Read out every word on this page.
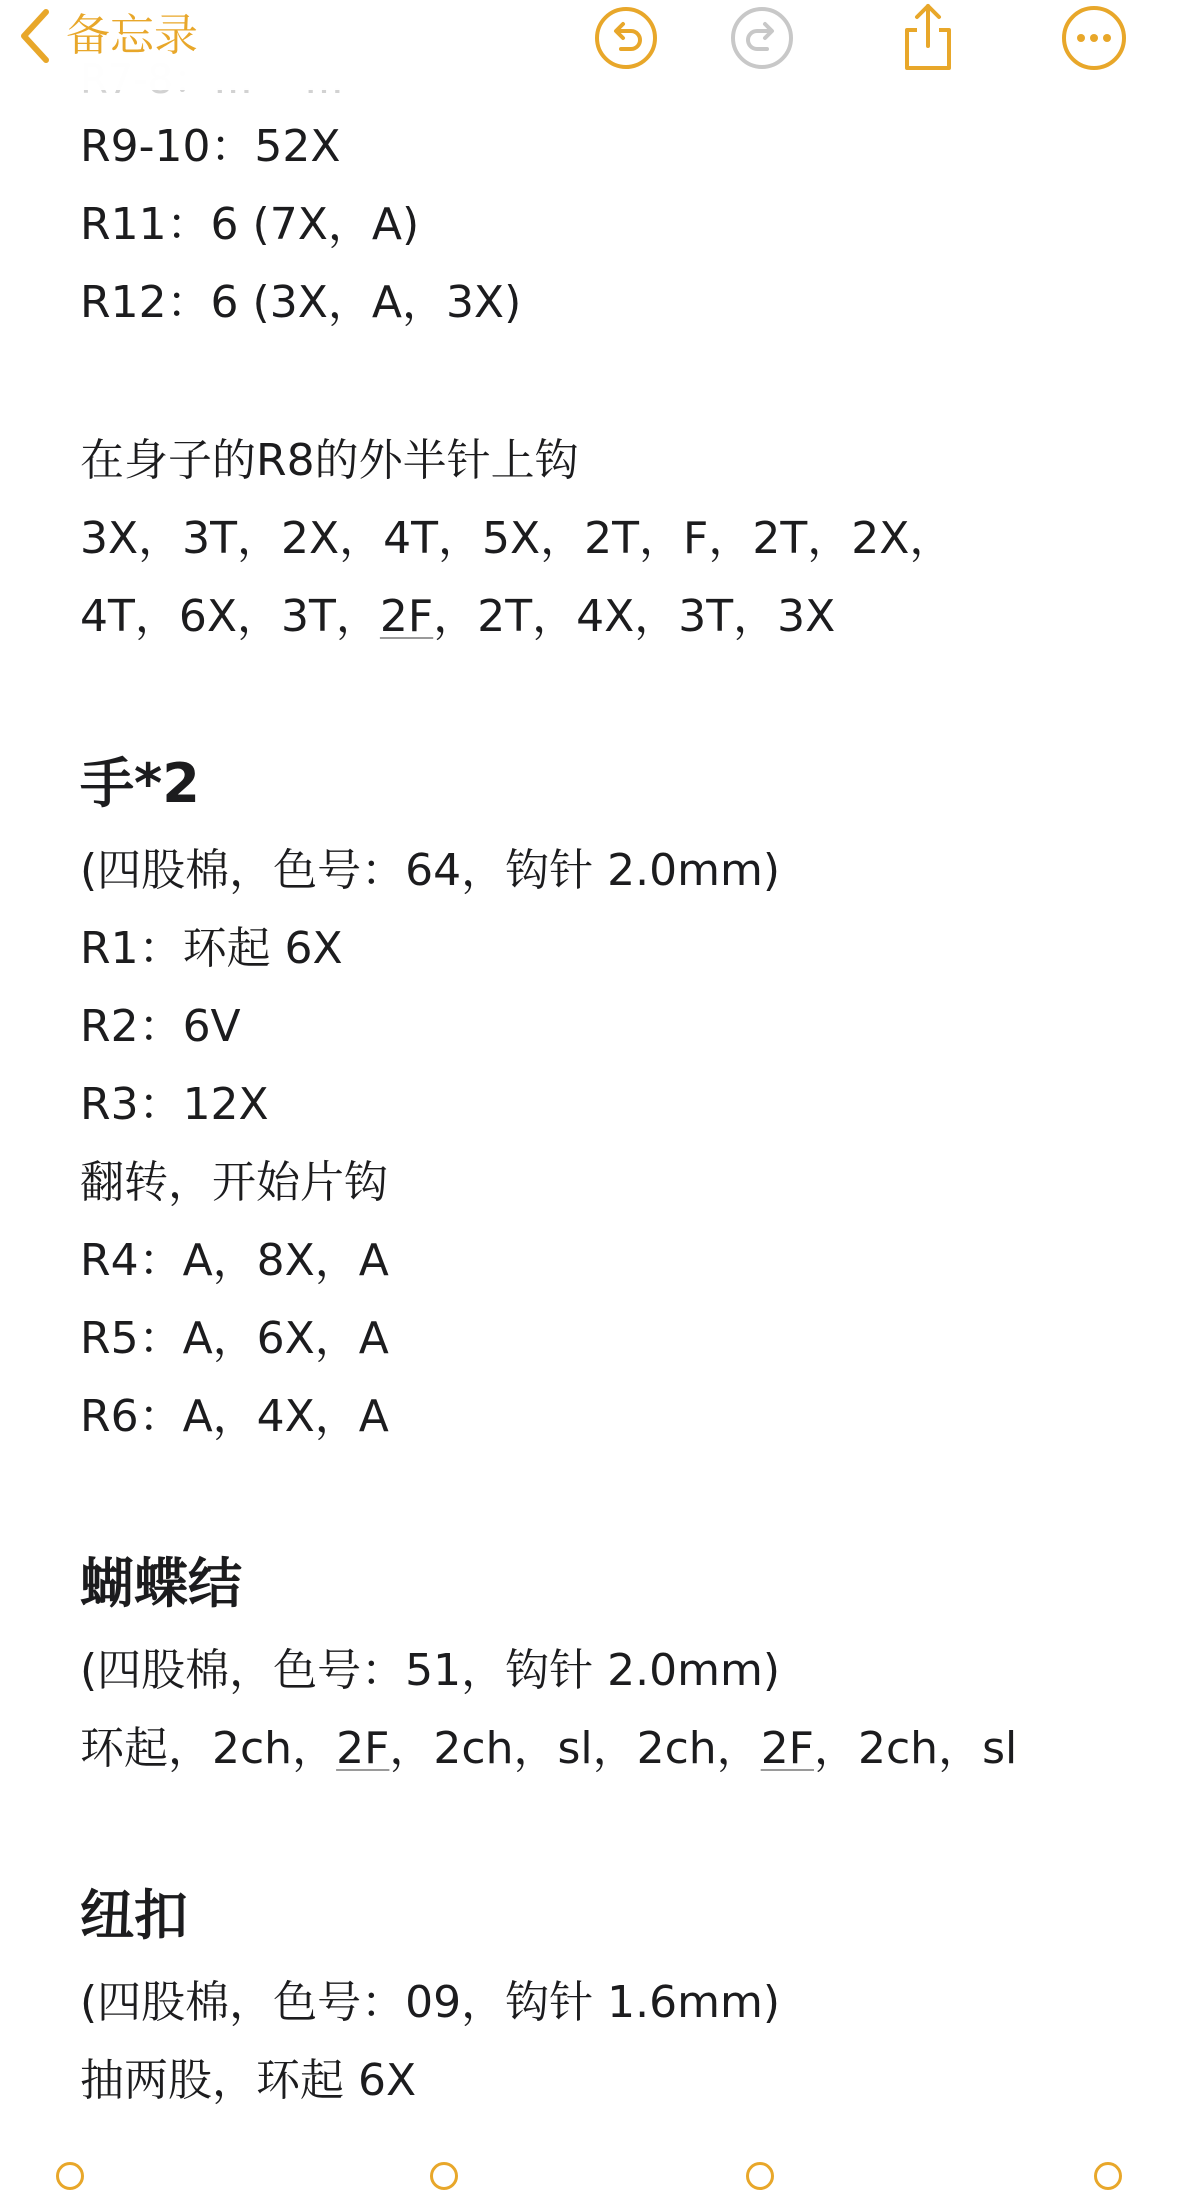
备忘录
R9-10：52X
R11：6 (7X，A)
R12：6 (3X，A，3X)
在身子的R8的外半针上钩
3X，3T，2X，4T，5X，2T，F，2T，2X，
4T，6X，3T，2F，2T，4X，3T，3X
手*2
(四股棉，色号：64，钩针 2.0mm)
R1：环起 6X
R2：6V
R3：12X
翻转，开始片钩
R4：A，8X，A
R5：A，6X，A
R6：A，4X，A
蝴蝶结
(四股棉，色号：51，钩针 2.0mm)
环起，2ch，2F，2ch，sl，2ch，2F，2ch，sl
纽扣
(四股棉，色号：09，钩针 1.6mm)
抽两股，环起 6X
